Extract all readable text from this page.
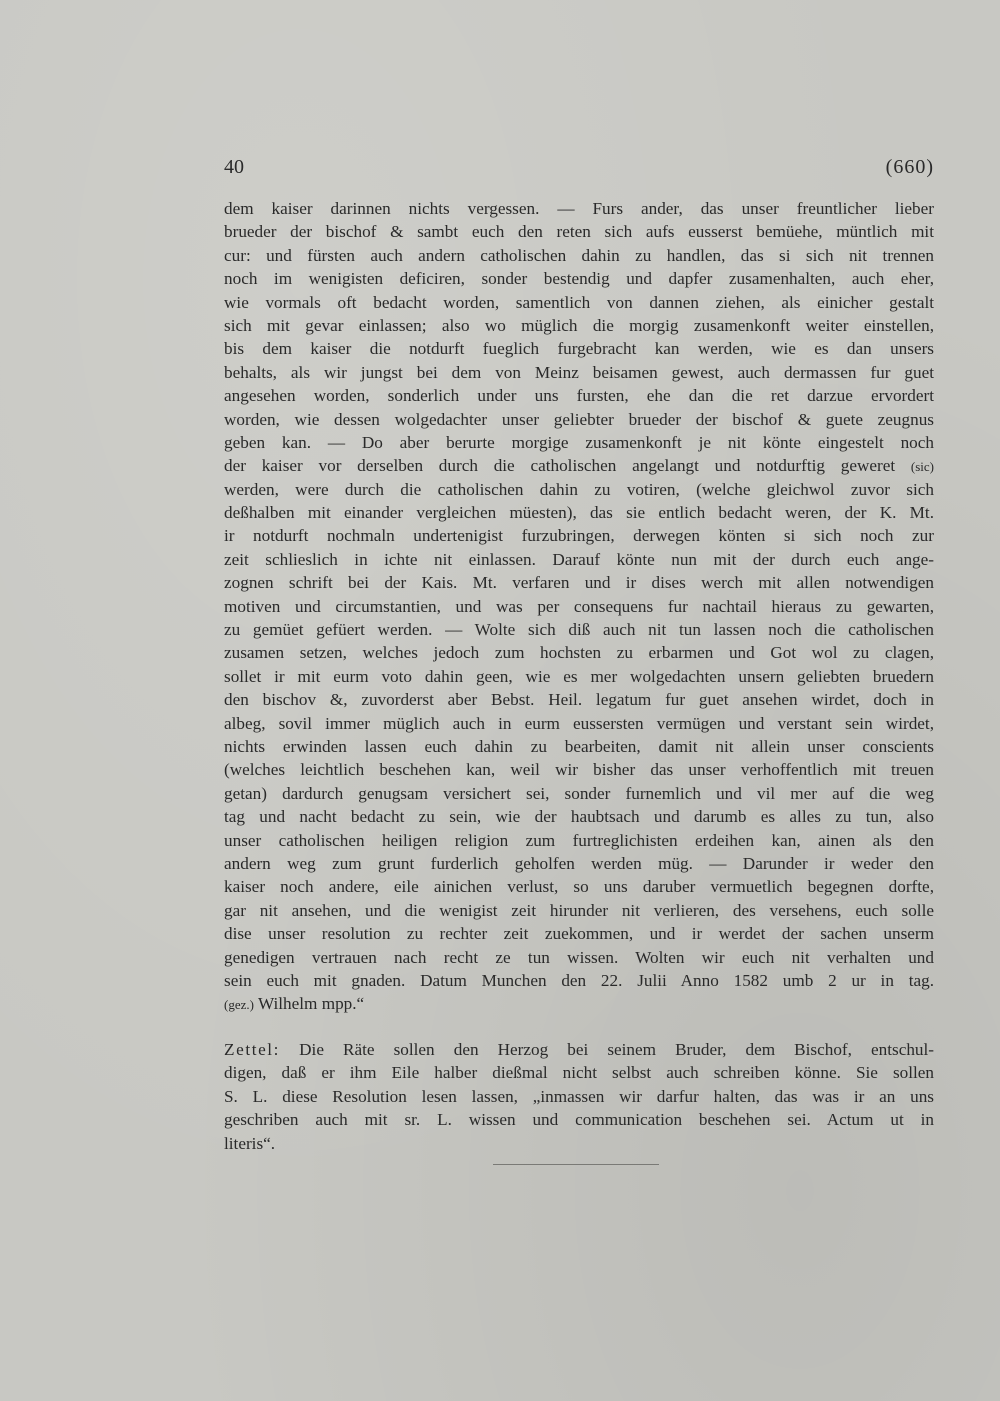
40	(660)
dem kaiser darinnen nichts vergessen. — Furs ander, das unser freuntlicher lieber
brueder der bischof & sambt euch den reten sich aufs eusserst bemüehe, müntlich mit
cur: und fürsten auch andern catholischen dahin zu handlen, das si sich nit trennen
noch im wenigisten deficiren, sonder bestendig und dapfer zusamenhalten, auch eher,
wie vormals oft bedacht worden, samentlich von dannen ziehen, als einicher gestalt
sich mit gevar einlassen; also wo müglich die morgig zusamenkonft weiter einstellen,
bis dem kaiser die notdurft fueglich furgebracht kan werden, wie es dan unsers
behalts, als wir jungst bei dem von Meinz beisamen gewest, auch dermassen fur guet
angesehen worden, sonderlich under uns fursten, ehe dan die ret darzue ervordert
worden, wie dessen wolgedachter unser geliebter brueder der bischof & guete zeugnus
geben kan. — Do aber berurte morgige zusamenkonft je nit könte eingestelt noch
der kaiser vor derselben durch die catholischen angelangt und notdurftig geweret (sic)
werden, were durch die catholischen dahin zu votiren, (welche gleichwol zuvor sich
deßhalben mit einander vergleichen müesten), das sie entlich bedacht weren, der K. Mt.
ir notdurft nochmaln undertenigist furzubringen, derwegen könten si sich noch zur
zeit schlieslich in ichte nit einlassen. Darauf könte nun mit der durch euch ange-
zognen schrift bei der Kais. Mt. verfaren und ir dises werch mit allen notwendigen
motiven und circumstantien, und was per consequens fur nachtail hieraus zu gewarten,
zu gemüet gefüert werden. — Wolte sich diß auch nit tun lassen noch die catholischen
zusamen setzen, welches jedoch zum hochsten zu erbarmen und Got wol zu clagen,
sollet ir mit eurm voto dahin geen, wie es mer wolgedachten unsern geliebten bruedern
den bischov &, zuvorderst aber Bebst. Heil. legatum fur guet ansehen wirdet, doch in
albeg, sovil immer müglich auch in eurm eussersten vermügen und verstant sein wirdet,
nichts erwinden lassen euch dahin zu bearbeiten, damit nit allein unser conscients
(welches leichtlich beschehen kan, weil wir bisher das unser verhoffentlich mit treuen
getan) dardurch genugsam versichert sei, sonder furnemlich und vil mer auf die weg
tag und nacht bedacht zu sein, wie der haubtsach und darumb es alles zu tun, also
unser catholischen heiligen religion zum furtreglichisten erdeihen kan, ainen als den
andern weg zum grunt furderlich geholfen werden müg. — Darunder ir weder den
kaiser noch andere, eile ainichen verlust, so uns daruber vermuetlich begegnen dorfte,
gar nit ansehen, und die wenigist zeit hirunder nit verlieren, des versehens, euch solle
dise unser resolution zu rechter zeit zuekommen, und ir werdet der sachen unserm
genedigen vertrauen nach recht ze tun wissen. Wolten wir euch nit verhalten und
sein euch mit gnaden. Datum Munchen den 22. Julii Anno 1582 umb 2 ur in tag.
(gez.) Wilhelm mpp.“
Zettel: Die Räte sollen den Herzog bei seinem Bruder, dem Bischof, entschul-
digen, daß er ihm Eile halber dießmal nicht selbst auch schreiben könne. Sie sollen
S. L. diese Resolution lesen lassen, „inmassen wir darfur halten, das was ir an uns
geschriben auch mit sr. L. wissen und communication beschehen sei. Actum ut in
literis“.
